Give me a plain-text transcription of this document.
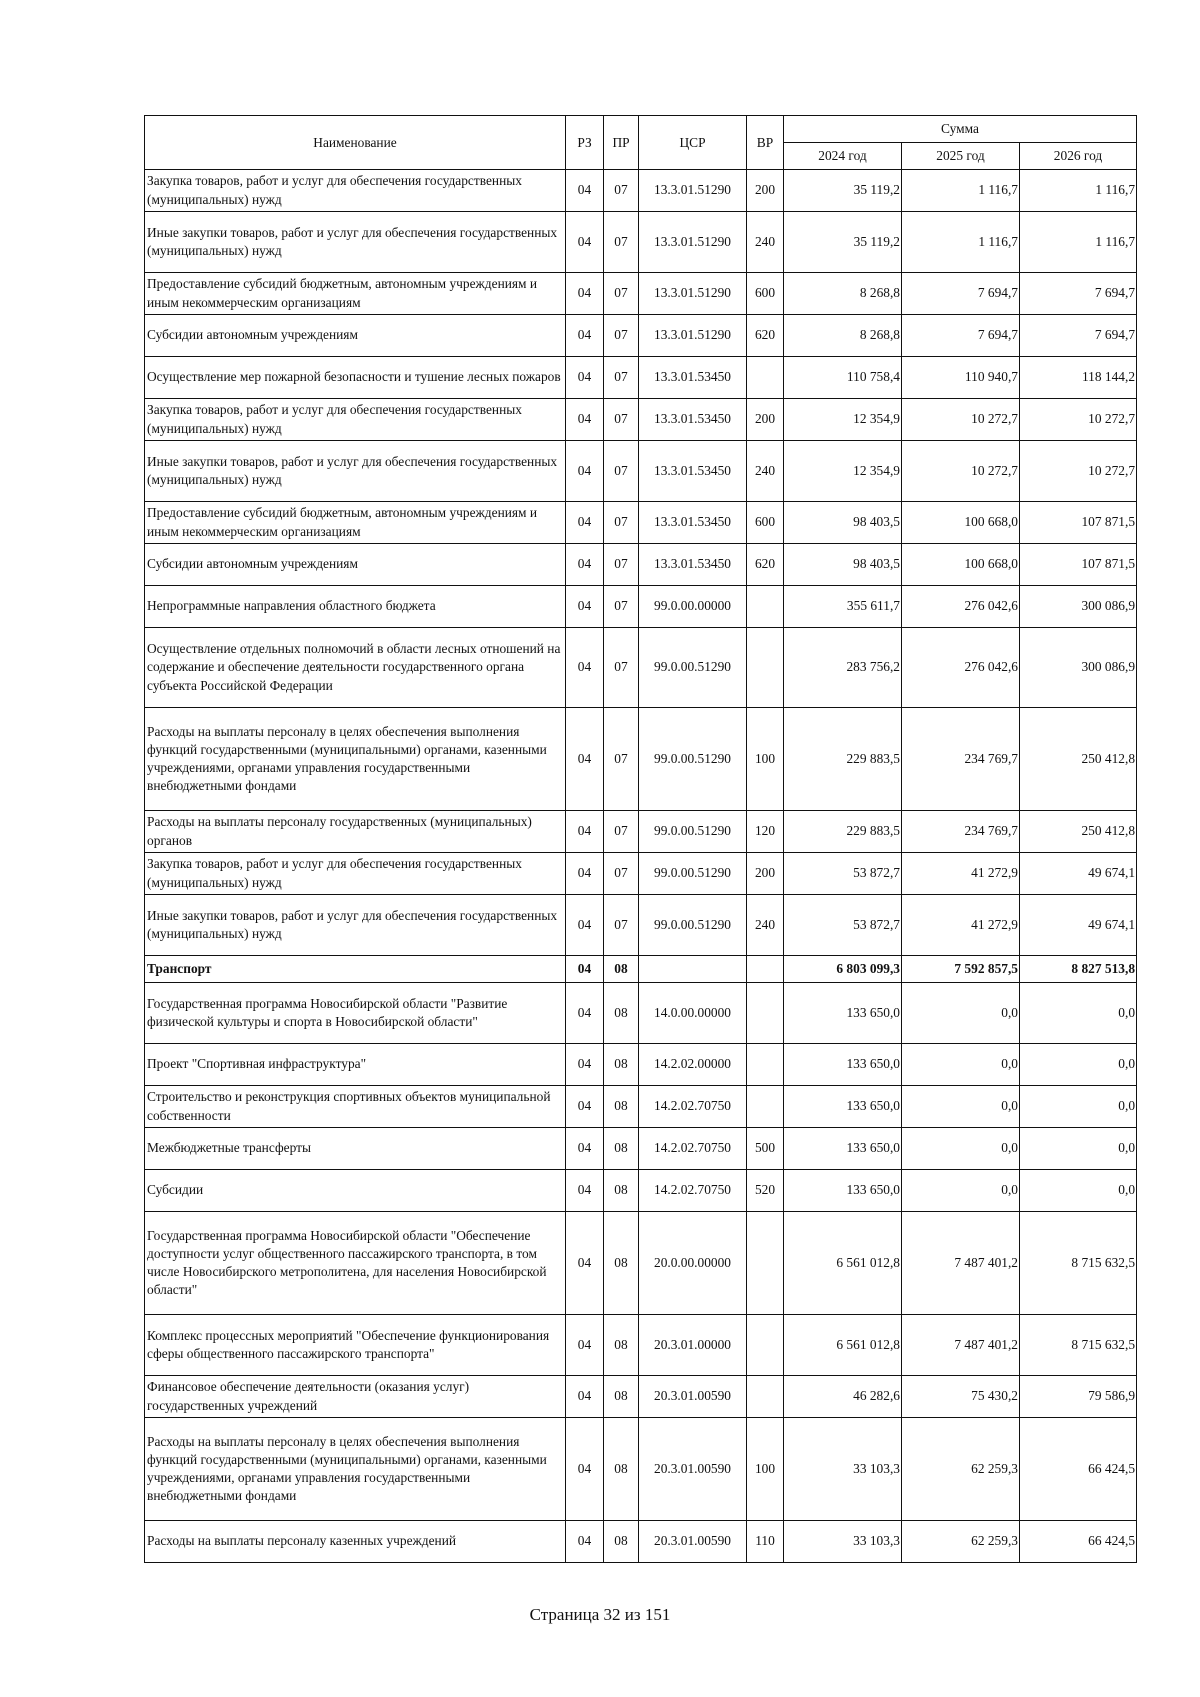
Наименование	РЗ	ПР	ЦСР	ВР	Сумма		
					2024 год	2025 год	2026 год
Закупка товаров, работ и услуг для обеспечения государственных (муниципальных) нужд	04	07	13.3.01.51290	200	35 119,2	1 116,7	1 116,7
Иные закупки товаров, работ и услуг для обеспечения государственных (муниципальных) нужд	04	07	13.3.01.51290	240	35 119,2	1 116,7	1 116,7
Предоставление субсидий бюджетным, автономным учреждениям и иным некоммерческим организациям	04	07	13.3.01.51290	600	8 268,8	7 694,7	7 694,7
Субсидии автономным учреждениям	04	07	13.3.01.51290	620	8 268,8	7 694,7	7 694,7
Осуществление мер пожарной безопасности и тушение лесных пожаров	04	07	13.3.01.53450		110 758,4	110 940,7	118 144,2
Закупка товаров, работ и услуг для обеспечения государственных (муниципальных) нужд	04	07	13.3.01.53450	200	12 354,9	10 272,7	10 272,7
Иные закупки товаров, работ и услуг для обеспечения государственных (муниципальных) нужд	04	07	13.3.01.53450	240	12 354,9	10 272,7	10 272,7
Предоставление субсидий бюджетным, автономным учреждениям и иным некоммерческим организациям	04	07	13.3.01.53450	600	98 403,5	100 668,0	107 871,5
Субсидии автономным учреждениям	04	07	13.3.01.53450	620	98 403,5	100 668,0	107 871,5
Непрограммные направления областного бюджета	04	07	99.0.00.00000		355 611,7	276 042,6	300 086,9
Осуществление отдельных полномочий в области лесных отношений на содержание и обеспечение деятельности государственного органа субъекта Российской Федерации	04	07	99.0.00.51290		283 756,2	276 042,6	300 086,9
Расходы на выплаты персоналу в целях обеспечения выполнения функций государственными (муниципальными) органами, казенными учреждениями, органами управления государственными внебюджетными фондами	04	07	99.0.00.51290	100	229 883,5	234 769,7	250 412,8
Расходы на выплаты персоналу государственных (муниципальных) органов	04	07	99.0.00.51290	120	229 883,5	234 769,7	250 412,8
Закупка товаров, работ и услуг для обеспечения государственных (муниципальных) нужд	04	07	99.0.00.51290	200	53 872,7	41 272,9	49 674,1
Иные закупки товаров, работ и услуг для обеспечения государственных (муниципальных) нужд	04	07	99.0.00.51290	240	53 872,7	41 272,9	49 674,1
Транспорт	04	08			6 803 099,3	7 592 857,5	8 827 513,8
Государственная программа Новосибирской области "Развитие физической культуры и спорта в Новосибирской области"	04	08	14.0.00.00000		133 650,0	0,0	0,0
Проект "Спортивная инфраструктура"	04	08	14.2.02.00000		133 650,0	0,0	0,0
Строительство и реконструкция спортивных объектов муниципальной собственности	04	08	14.2.02.70750		133 650,0	0,0	0,0
Межбюджетные трансферты	04	08	14.2.02.70750	500	133 650,0	0,0	0,0
Субсидии	04	08	14.2.02.70750	520	133 650,0	0,0	0,0
Государственная программа Новосибирской области "Обеспечение доступности услуг общественного пассажирского транспорта, в том числе Новосибирского метрополитена, для населения Новосибирской области"	04	08	20.0.00.00000		6 561 012,8	7 487 401,2	8 715 632,5
Комплекс процессных мероприятий "Обеспечение функционирования сферы общественного пассажирского транспорта"	04	08	20.3.01.00000		6 561 012,8	7 487 401,2	8 715 632,5
Финансовое обеспечение деятельности (оказания услуг) государственных учреждений	04	08	20.3.01.00590		46 282,6	75 430,2	79 586,9
Расходы на выплаты персоналу в целях обеспечения выполнения функций государственными (муниципальными) органами, казенными учреждениями, органами управления государственными внебюджетными фондами	04	08	20.3.01.00590	100	33 103,3	62 259,3	66 424,5
Расходы на выплаты персоналу казенных учреждений	04	08	20.3.01.00590	110	33 103,3	62 259,3	66 424,5
Страница 32 из 151
